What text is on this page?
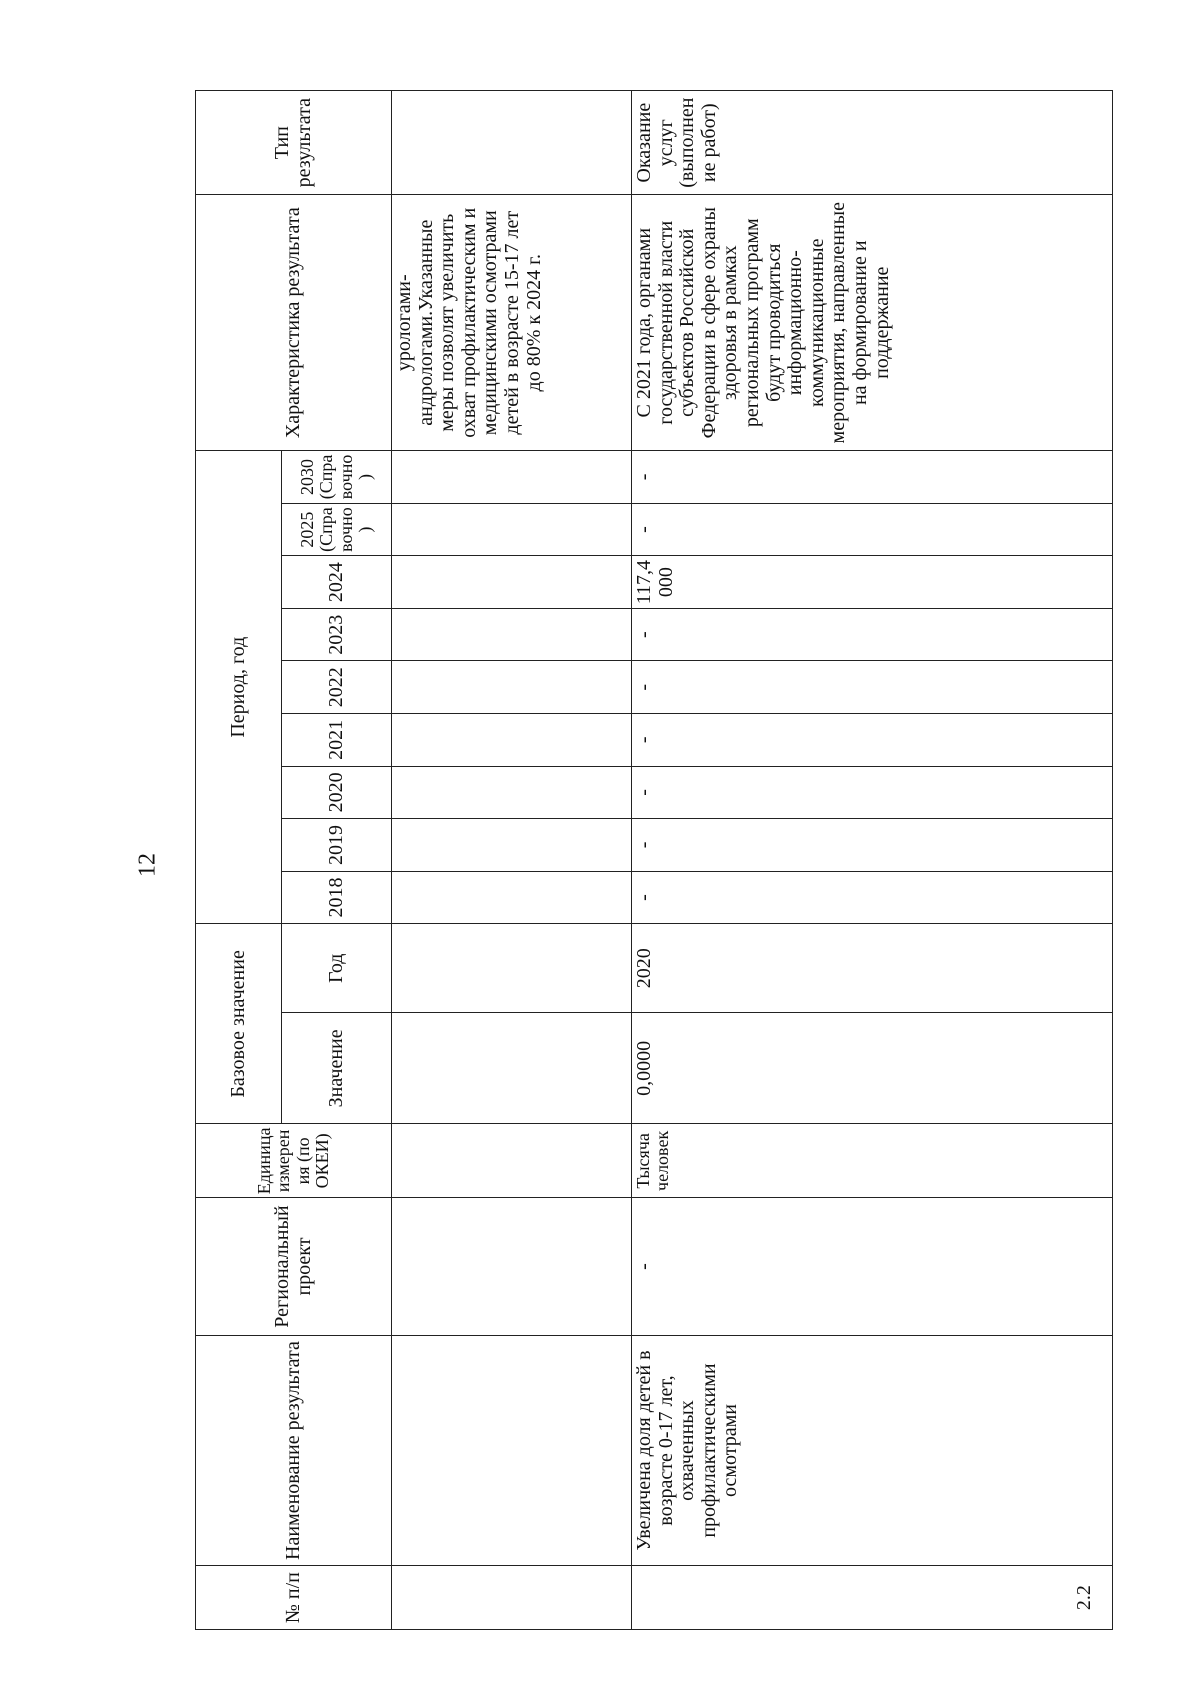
12
№ п/п	Наименование результата	Региональный проект	Единица измерения (по ОКЕИ)	Базовое значение		Период, год									Характеристика результата	Тип результата
				Значение	Год	2018	2019	2020	2021	2022	2023	2024	2025 (Справочно)	2030 (Справочно)		
															урологами-андрологами.Указанные меры позволят увеличить охват профилактическим и медицинскими осмотрами детей в возрасте 15-17 лет до 80% к 2024 г.	
2.2	Увеличена доля детей в возрасте 0-17 лет, охваченных профилактическими осмотрами	-	Тысяча человек	0,0000	2020	-	-	-	-	-	-	117,4000	-	-	С 2021 года, органами государственной власти субъектов Российской Федерации в сфере охраны здоровья в рамках региональных программ будут проводиться информационно-коммуникационные мероприятия, направленные на формирование и поддержание	Оказание услуг (выполнение работ)
